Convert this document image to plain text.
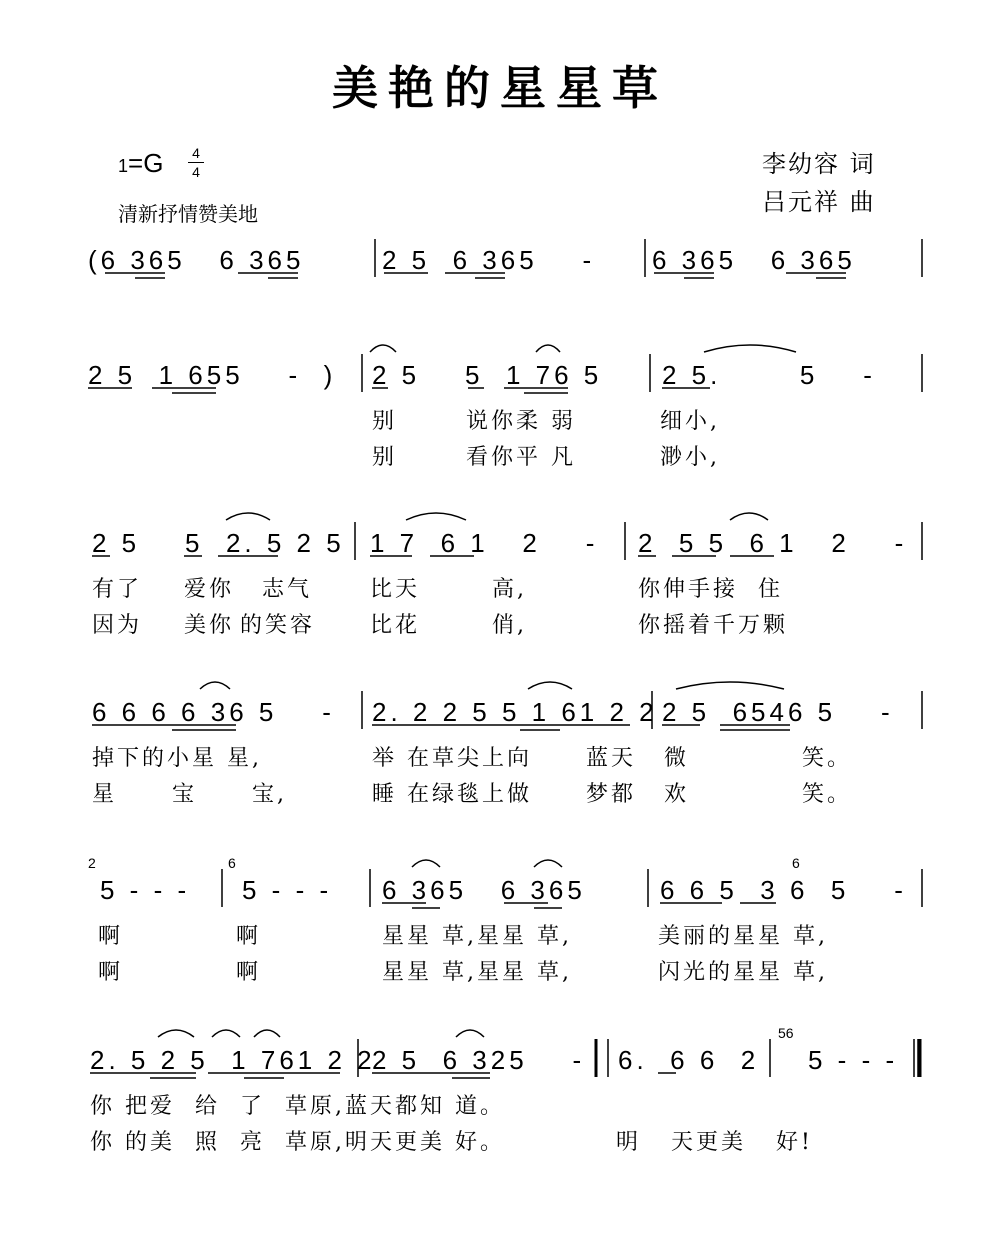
美艳的星星草
1=G 4
4
清新抒情赞美地
李幼容 词
吕元祥 曲
(6 365   6 365	2 5  6 365    - 6 365   6 365
2 5  1 655    -  ) 2 5    5  1 76 5 2 5.       5    -
别	说你柔 弱	细小,
别	看你平 凡	渺小,
2 5    5  2. 5 2 5 1 7  6 1   2    - 2  5 5  6 1   2    -
有了 爱你 志气	比天	高,	你伸手接  住
因为 美你 的笑容 比花	俏,	你摇着千万颗
6 6 6 6 36 5    - 2. 2 2 5 5 1 61 2 2 2 5  6546 5    -
掉下的小星 星,	举 在草尖上向 蓝天 微	笑。
星 宝 宝,	睡 在绿毯上做 梦都 欢	笑。
5 - - - 5 - - - 6 365   6 365	6 6 5  3 6  5    -
2	6	6
啊	啊	星星 草,星星 草,	美丽的星星 草,
啊	啊	星星 草,星星 草,	闪光的星星 草,
2. 5 2 5  1 761 2 2
2 5  6 325    - 6.  6 6  2 5 - - -
56
你 把爱  给  了  草原,蓝天都知 道。
你 的美  照  亮  草原,明天更美 好。	明   天更美   好!
